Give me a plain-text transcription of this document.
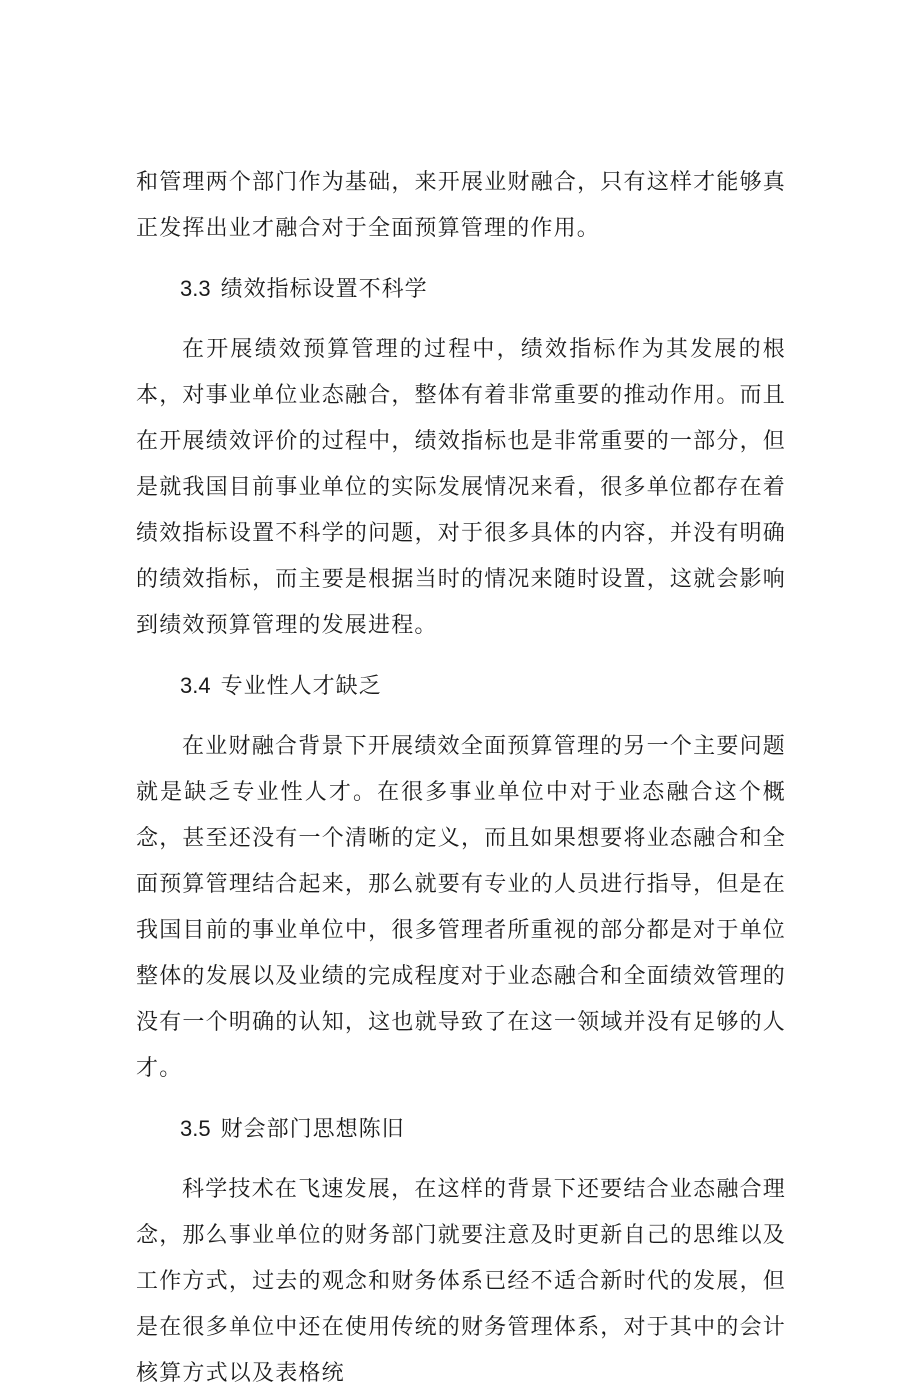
和管理两个部门作为基础，来开展业财融合，只有这样才能够真正发挥出业才融合对于全面预算管理的作用。

3.3 绩效指标设置不科学

在开展绩效预算管理的过程中，绩效指标作为其发展的根本，对事业单位业态融合，整体有着非常重要的推动作用。而且在开展绩效评价的过程中，绩效指标也是非常重要的一部分，但是就我国目前事业单位的实际发展情况来看，很多单位都存在着绩效指标设置不科学的问题，对于很多具体的内容，并没有明确的绩效指标，而主要是根据当时的情况来随时设置，这就会影响到绩效预算管理的发展进程。

3.4 专业性人才缺乏

在业财融合背景下开展绩效全面预算管理的另一个主要问题就是缺乏专业性人才。在很多事业单位中对于业态融合这个概念，甚至还没有一个清晰的定义，而且如果想要将业态融合和全面预算管理结合起来，那么就要有专业的人员进行指导，但是在我国目前的事业单位中，很多管理者所重视的部分都是对于单位整体的发展以及业绩的完成程度对于业态融合和全面绩效管理的没有一个明确的认知，这也就导致了在这一领域并没有足够的人才。

3.5 财会部门思想陈旧

科学技术在飞速发展，在这样的背景下还要结合业态融合理念，那么事业单位的财务部门就要注意及时更新自己的思维以及工作方式，过去的观念和财务体系已经不适合新时代的发展，但是在很多单位中还在使用传统的财务管理体系，对于其中的会计核算方式以及表格统
